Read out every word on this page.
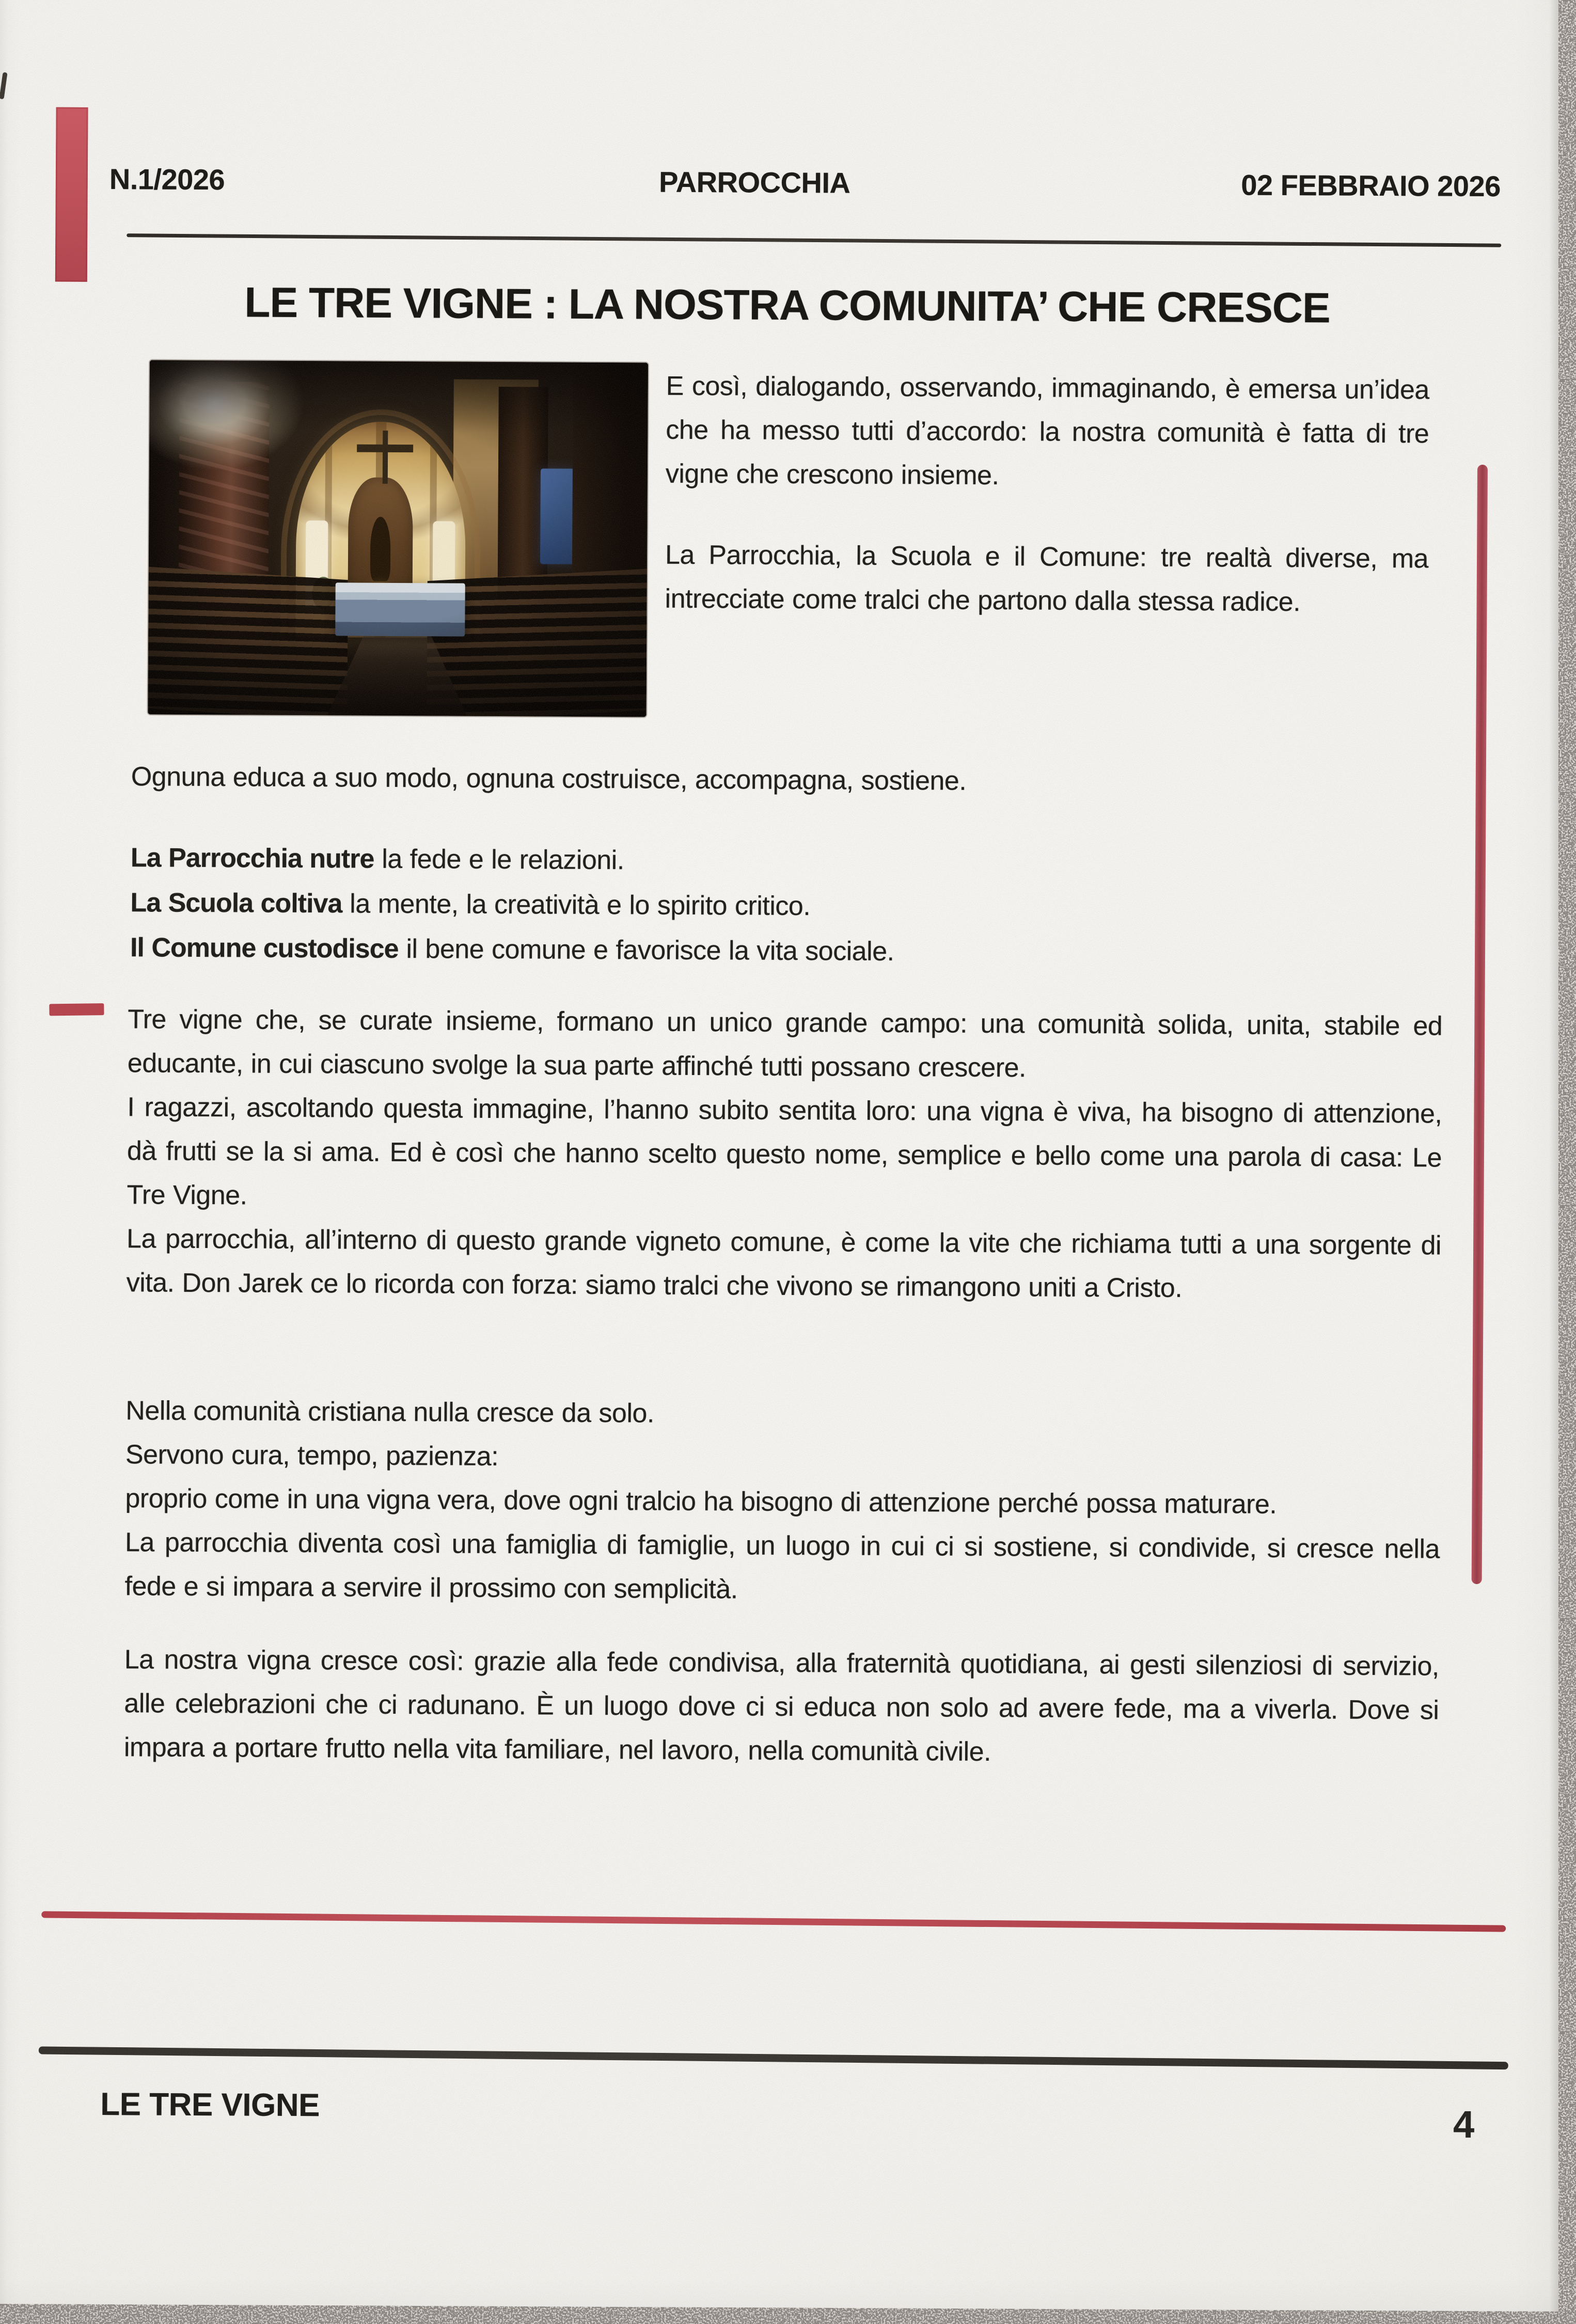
N.1/2026	PARROCCHIA	02 FEBBRAIO 2026
LE TRE VIGNE : LA NOSTRA COMUNITA’ CHE CRESCE

E così, dialogando, osservando, immaginando, è emersa un’idea che ha messo tutti d’accordo: la nostra comunità è fatta di tre vigne che crescono insieme.

La Parrocchia, la Scuola e il Comune: tre realtà diverse, ma intrecciate come tralci che partono dalla stessa radice.

Ognuna educa a suo modo, ognuna costruisce, accompagna, sostiene.

La Parrocchia nutre la fede e le relazioni.

La Scuola coltiva la mente, la creatività e lo spirito critico.

Il Comune custodisce il bene comune e favorisce la vita sociale.

Tre vigne che, se curate insieme, formano un unico grande campo: una comunità solida, unita, stabile ed educante, in cui ciascuno svolge la sua parte affinché tutti possano crescere.

I ragazzi, ascoltando questa immagine, l’hanno subito sentita loro: una vigna è viva, ha bisogno di attenzione, dà frutti se la si ama. Ed è così che hanno scelto questo nome, semplice e bello come una parola di casa: Le Tre Vigne.

La parrocchia, all’interno di questo grande vigneto comune, è come la vite che richiama tutti a una sorgente di vita. Don Jarek ce lo ricorda con forza: siamo tralci che vivono se rimangono uniti a Cristo.

Nella comunità cristiana nulla cresce da solo.

Servono cura, tempo, pazienza:

proprio come in una vigna vera, dove ogni tralcio ha bisogno di attenzione perché possa maturare.

La parrocchia diventa così una famiglia di famiglie, un luogo in cui ci si sostiene, si condivide, si cresce nella fede e si impara a servire il prossimo con semplicità.

La nostra vigna cresce così: grazie alla fede condivisa, alla fraternità quotidiana, ai gesti silenziosi di servizio, alle celebrazioni che ci radunano. È un luogo dove ci si educa non solo ad avere fede, ma a viverla. Dove si impara a portare frutto nella vita familiare, nel lavoro, nella comunità civile.

LE TRE VIGNE	4
